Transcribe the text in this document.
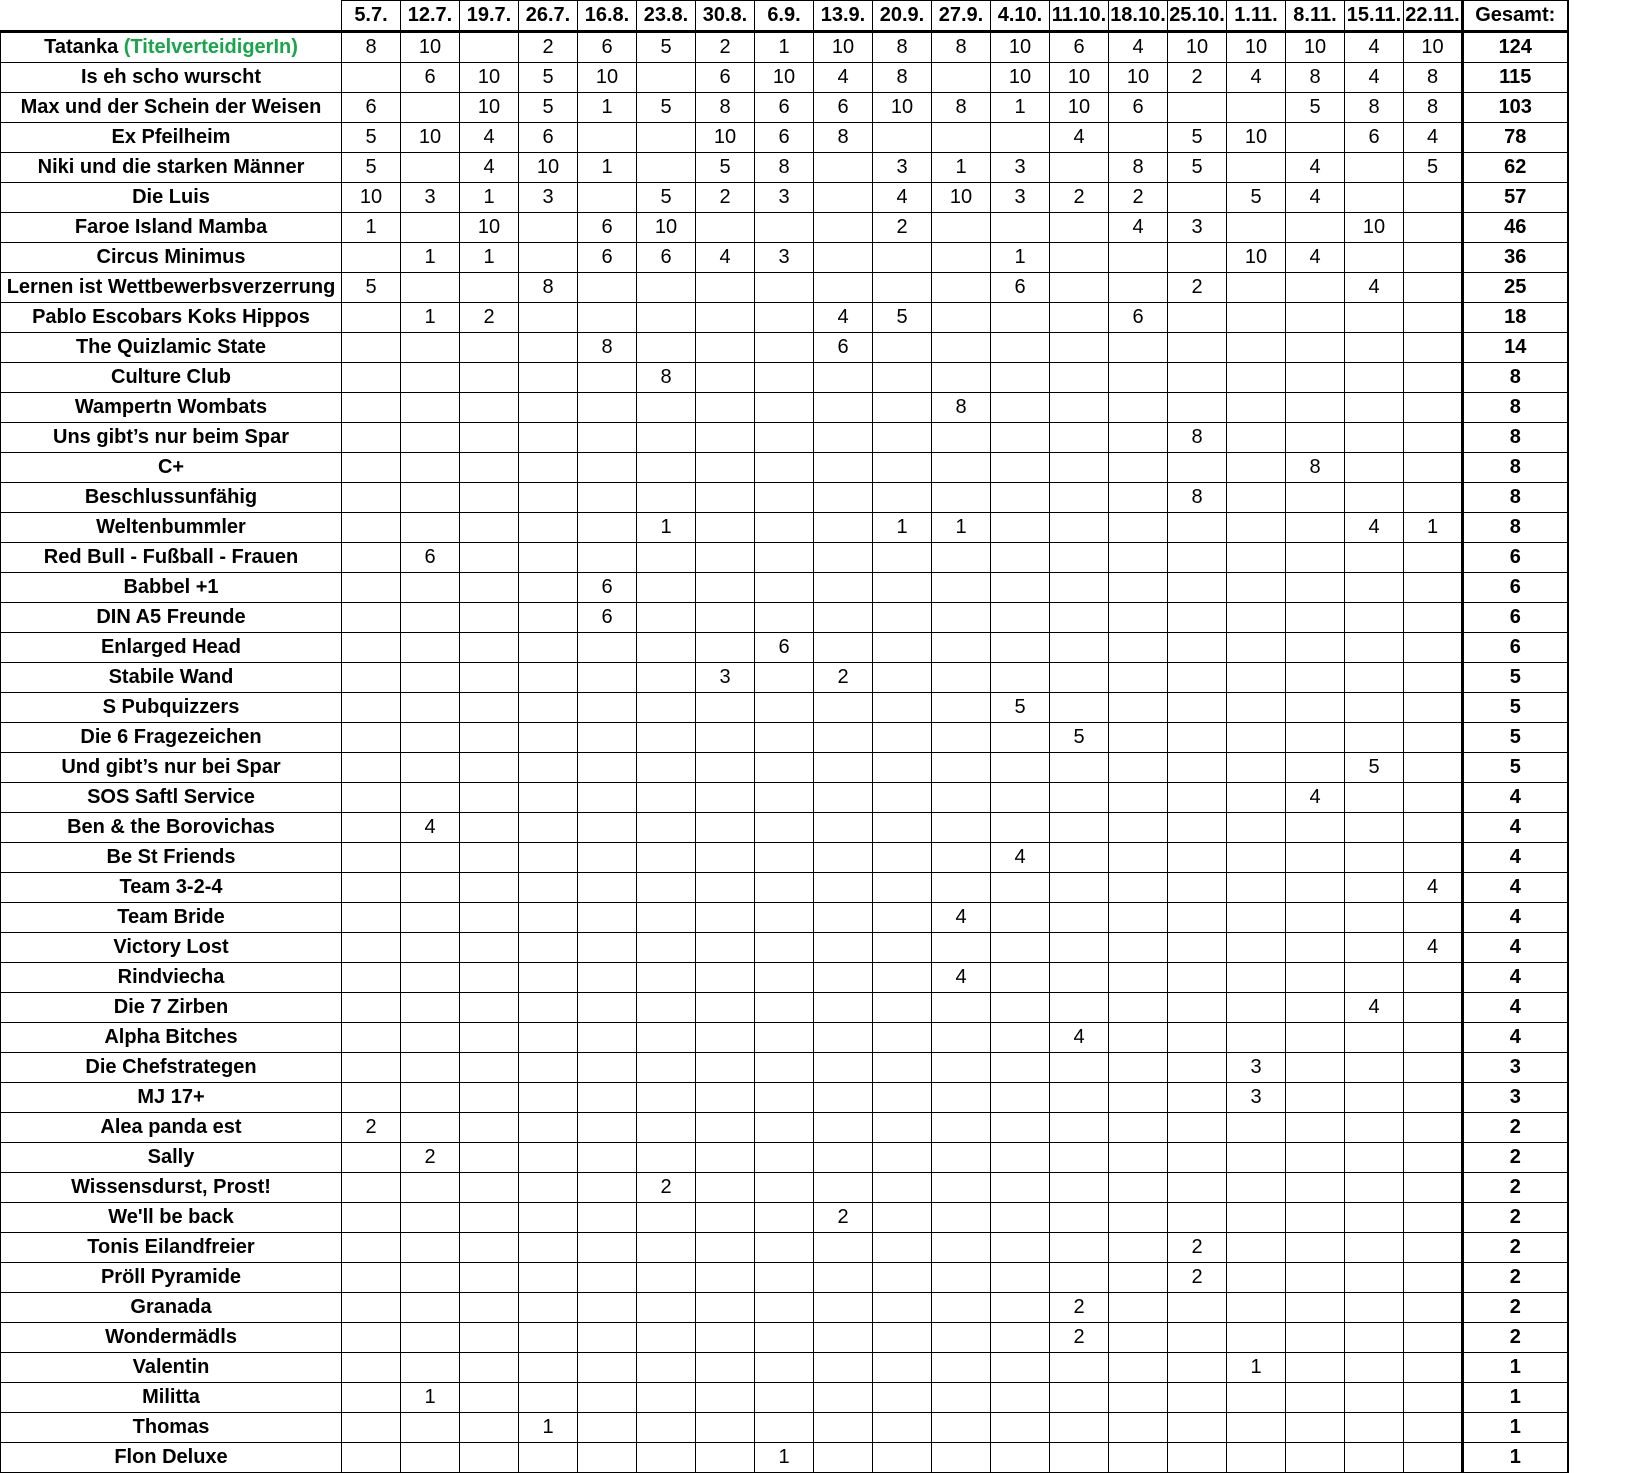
	5.7.	12.7.	19.7.	26.7.	16.8.	23.8.	30.8.	6.9.	13.9.	20.9.	27.9.	4.10.	11.10.	18.10.	25.10.	1.11.	8.11.	15.11.	22.11.	Gesamt:
Tatanka (TitelverteidigerIn)	8	10		2	6	5	2	1	10	8	8	10	6	4	10	10	10	4	10	124
Is eh scho wurscht		6	10	5	10		6	10	4	8		10	10	10	2	4	8	4	8	115
Max und der Schein der Weisen	6		10	5	1	5	8	6	6	10	8	1	10	6			5	8	8	103
Ex Pfeilheim	5	10	4	6			10	6	8				4		5	10		6	4	78
Niki und die starken Männer	5		4	10	1		5	8		3	1	3		8	5		4		5	62
Die Luis	10	3	1	3		5	2	3		4	10	3	2	2		5	4			57
Faroe Island Mamba	1		10		6	10				2				4	3			10		46
Circus Minimus		1	1		6	6	4	3				1				10	4			36
Lernen ist Wettbewerbsverzerrung	5			8								6			2			4		25
Pablo Escobars Koks Hippos		1	2						4	5				6						18
The Quizlamic State					8				6											14
Culture Club						8														8
Wampertn Wombats											8									8
Uns gibt’s nur beim Spar															8					8
C+																	8			8
Beschlussunfähig															8					8
Weltenbummler						1				1	1							4	1	8
Red Bull - Fußball - Frauen		6																		6
Babbel +1					6															6
DIN A5 Freunde					6															6
Enlarged Head								6												6
Stabile Wand							3		2											5
S Pubquizzers												5								5
Die 6 Fragezeichen													5							5
Und gibt’s nur bei Spar																		5		5
SOS Saftl Service																	4			4
Ben & the Borovichas		4																		4
Be St Friends												4								4
Team 3-2-4																			4	4
Team Bride											4									4
Victory Lost																			4	4
Rindviecha											4									4
Die 7 Zirben																		4		4
Alpha Bitches													4							4
Die Chefstrategen																3				3
MJ 17+																3				3
Alea panda est	2																			2
Sally		2																		2
Wissensdurst, Prost!						2														2
We'll be back									2											2
Tonis Eilandfreier															2					2
Pröll Pyramide															2					2
Granada													2							2
Wondermädls													2							2
Valentin																1				1
Militta		1																		1
Thomas				1																1
Flon Deluxe								1												1
